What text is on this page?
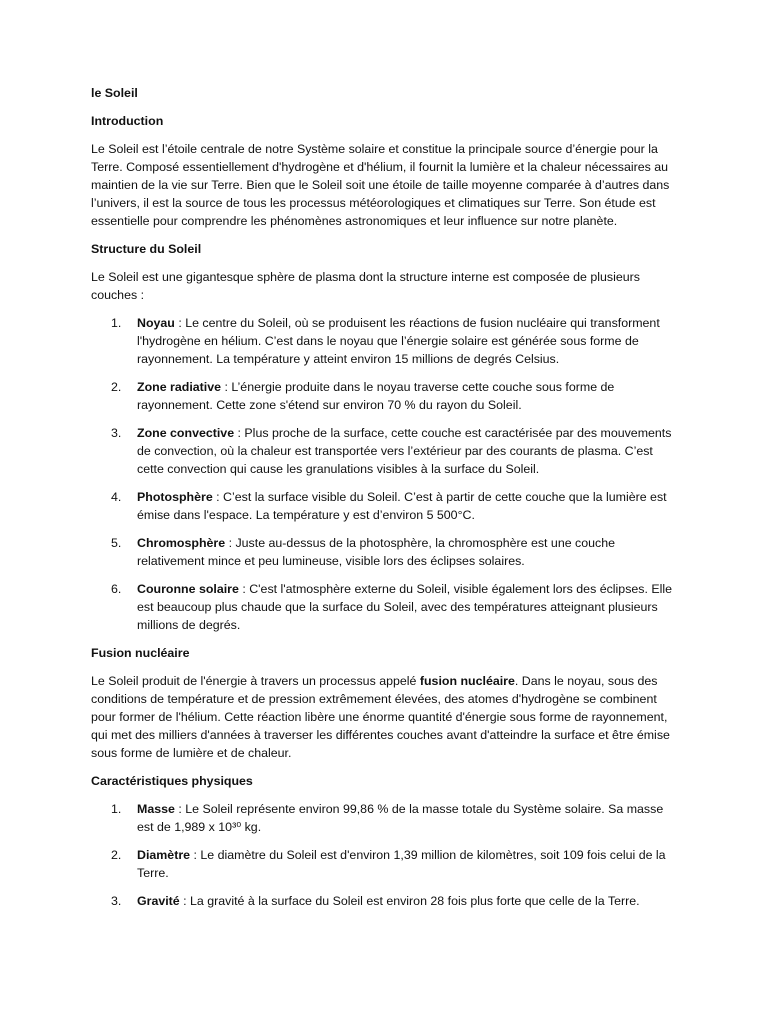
le Soleil
Introduction

Le Soleil est l’étoile centrale de notre Système solaire et constitue la principale source d’énergie pour la Terre. Composé essentiellement d'hydrogène et d'hélium, il fournit la lumière et la chaleur nécessaires au maintien de la vie sur Terre. Bien que le Soleil soit une étoile de taille moyenne comparée à d’autres dans l’univers, il est la source de tous les processus météorologiques et climatiques sur Terre. Son étude est essentielle pour comprendre les phénomènes astronomiques et leur influence sur notre planète.

Structure du Soleil

Le Soleil est une gigantesque sphère de plasma dont la structure interne est composée de plusieurs couches :

1. Noyau : Le centre du Soleil, où se produisent les réactions de fusion nucléaire qui transforment l'hydrogène en hélium. C’est dans le noyau que l’énergie solaire est générée sous forme de rayonnement. La température y atteint environ 15 millions de degrés Celsius.
2. Zone radiative : L’énergie produite dans le noyau traverse cette couche sous forme de rayonnement. Cette zone s'étend sur environ 70 % du rayon du Soleil.
3. Zone convective : Plus proche de la surface, cette couche est caractérisée par des mouvements de convection, où la chaleur est transportée vers l’extérieur par des courants de plasma. C’est cette convection qui cause les granulations visibles à la surface du Soleil.
4. Photosphère : C’est la surface visible du Soleil. C’est à partir de cette couche que la lumière est émise dans l'espace. La température y est d’environ 5 500°C.
5. Chromosphère : Juste au-dessus de la photosphère, la chromosphère est une couche relativement mince et peu lumineuse, visible lors des éclipses solaires.
6. Couronne solaire : C'est l'atmosphère externe du Soleil, visible également lors des éclipses. Elle est beaucoup plus chaude que la surface du Soleil, avec des températures atteignant plusieurs millions de degrés.
Fusion nucléaire

Le Soleil produit de l'énergie à travers un processus appelé fusion nucléaire. Dans le noyau, sous des conditions de température et de pression extrêmement élevées, des atomes d'hydrogène se combinent pour former de l'hélium. Cette réaction libère une énorme quantité d'énergie sous forme de rayonnement, qui met des milliers d'années à traverser les différentes couches avant d'atteindre la surface et être émise sous forme de lumière et de chaleur.

Caractéristiques physiques
1. Masse : Le Soleil représente environ 99,86 % de la masse totale du Système solaire. Sa masse est de 1,989 x 10³⁰ kg.
2. Diamètre : Le diamètre du Soleil est d'environ 1,39 million de kilomètres, soit 109 fois celui de la Terre.
3. Gravité : La gravité à la surface du Soleil est environ 28 fois plus forte que celle de la Terre.
